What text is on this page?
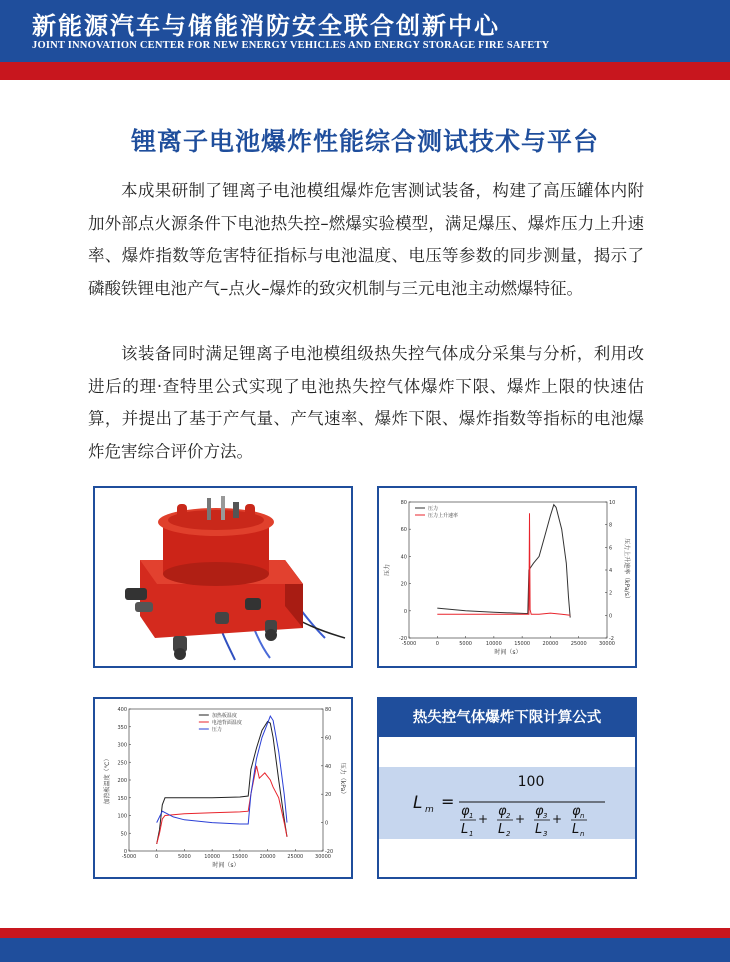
新能源汽车与储能消防安全联合创新中心
JOINT INNOVATION CENTER FOR NEW ENERGY VEHICLES AND ENERGY STORAGE FIRE SAFETY
锂离子电池爆炸性能综合测试技术与平台

本成果研制了锂离子电池模组爆炸危害测试装备，构建了高压罐体内附加外部点火源条件下电池热失控–燃爆实验模型，满足爆压、爆炸压力上升速率、爆炸指数等危害特征指标与电池温度、电压等参数的同步测量，揭示了磷酸铁锂电池产气–点火–爆炸的致灾机制与三元电池主动燃爆特征。

该装备同时满足锂离子电池模组级热失控气体成分采集与分析，利用改进后的理·查特里公式实现了电池热失控气体爆炸下限、爆炸上限的快速估算，并提出了基于产气量、产气速率、爆炸下限、爆炸指数等指标的电池爆炸危害综合评价方法。

-5000	0	5000	10000 15000 20000 25000 30000
-20
0
20
40
60
80
-2
0
2
4
6
8
10
时间（s）
压力	压力上升速率（kPa/s）
压力
压力上升速率
-5000	0	5000	10000 15000 20000 25000 30000
0
50
100
150
200
250
300
350
400
-20
0
20
40
60
80
时间（s）
加热板温度（℃）	压力（kPa）
加热板温度
电池背面温度
压力
热失控气体爆炸下限计算公式
L m =
100
φ 1
L 1
+ φ 2
L 2
+ φ 3
L 3
+ φ n
L n
